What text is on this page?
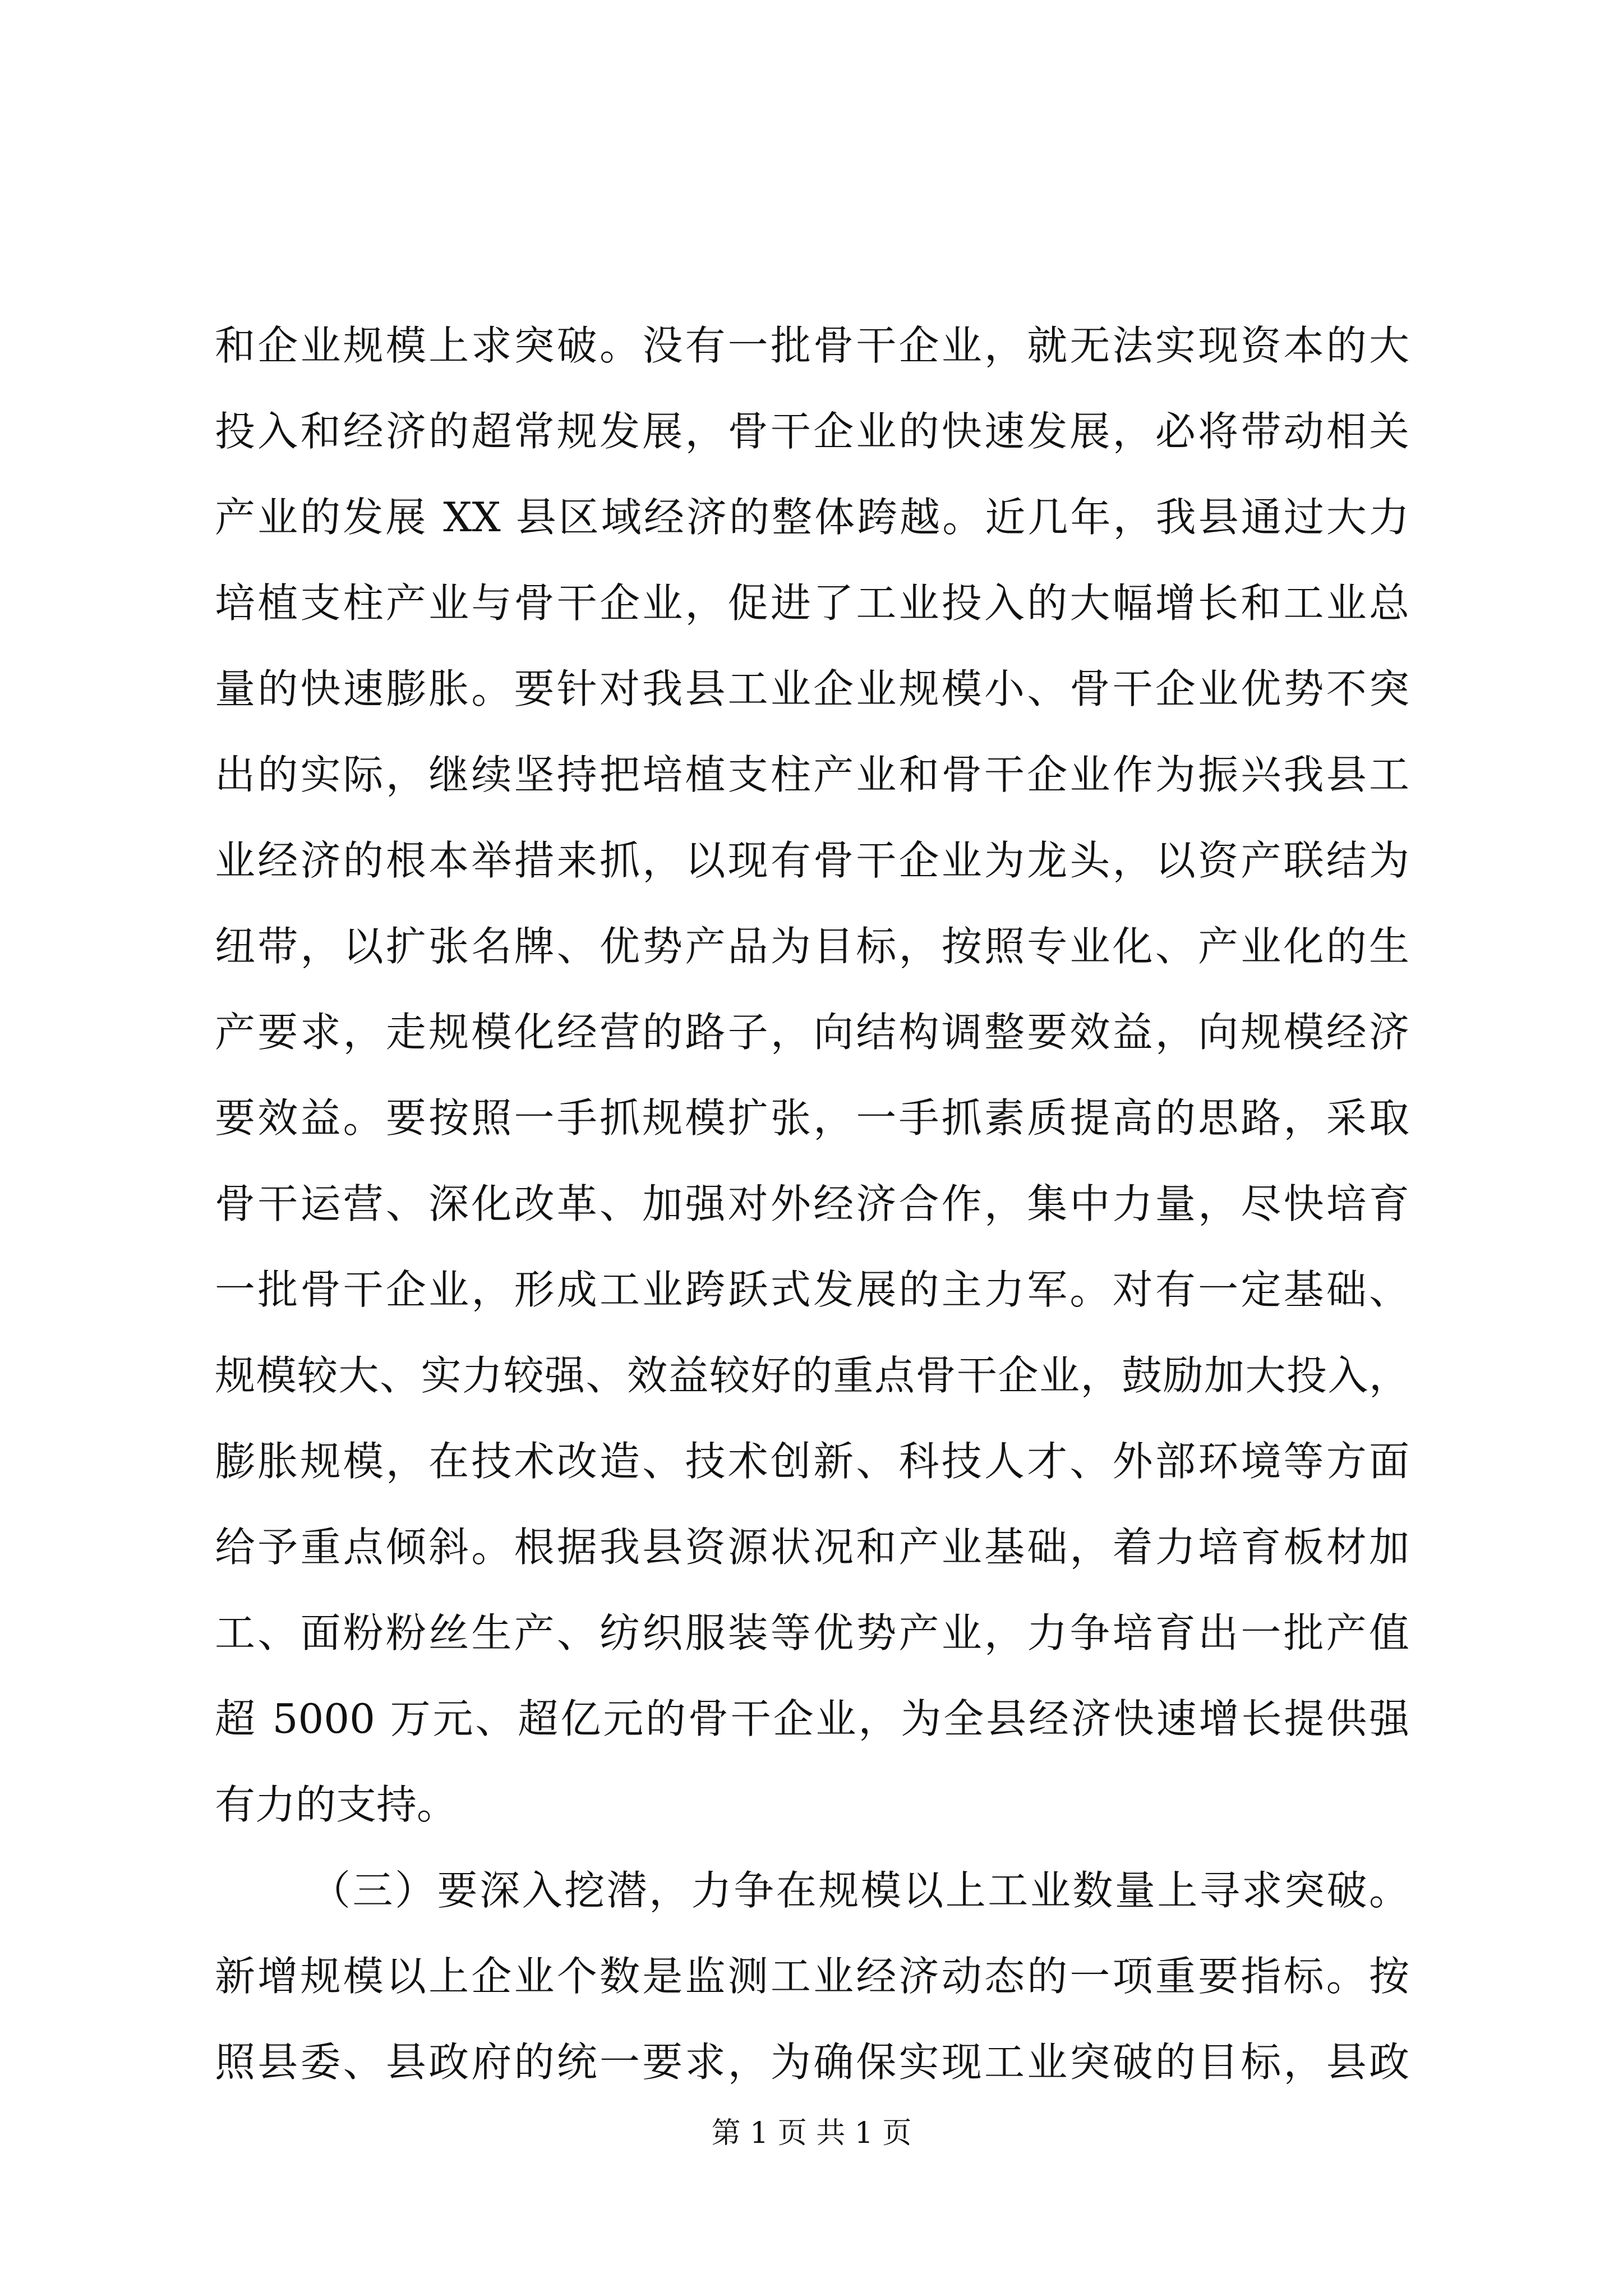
和企业规模上求突破。没有一批骨干企业，就无法实现资本的大
投入和经济的超常规发展，骨干企业的快速发展，必将带动相关
产业的发展 XX 县区域经济的整体跨越。近几年，我县通过大力
培植支柱产业与骨干企业，促进了工业投入的大幅增长和工业总
量的快速膨胀。要针对我县工业企业规模小、骨干企业优势不突
出的实际，继续坚持把培植支柱产业和骨干企业作为振兴我县工
业经济的根本举措来抓，以现有骨干企业为龙头，以资产联结为
纽带，以扩张名牌、优势产品为目标，按照专业化、产业化的生
产要求，走规模化经营的路子，向结构调整要效益，向规模经济
要效益。要按照一手抓规模扩张，一手抓素质提高的思路，采取
骨干运营、深化改革、加强对外经济合作，集中力量，尽快培育
一批骨干企业，形成工业跨跃式发展的主力军。对有一定基础、
规模较大、实力较强、效益较好的重点骨干企业，鼓励加大投入，
膨胀规模，在技术改造、技术创新、科技人才、外部环境等方面
给予重点倾斜。根据我县资源状况和产业基础，着力培育板材加
工、面粉粉丝生产、纺织服装等优势产业，力争培育出一批产值
超 5000 万元、超亿元的骨干企业，为全县经济快速增长提供强
有力的支持。
（三）要深入挖潜，力争在规模以上工业数量上寻求突破。
新增规模以上企业个数是监测工业经济动态的一项重要指标。按
照县委、县政府的统一要求，为确保实现工业突破的目标，县政
第 1 页 共 1 页
